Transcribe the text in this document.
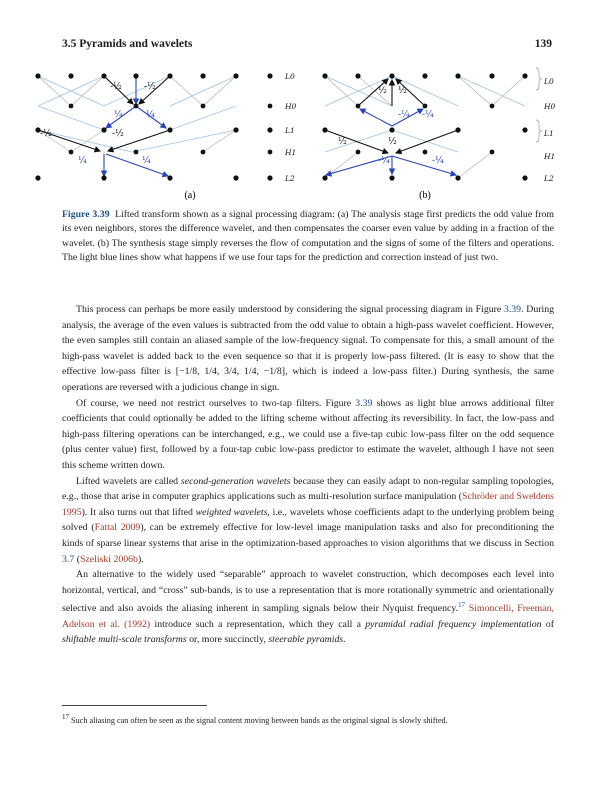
3.5 Pyramids and wavelets	139
-½ -½
¼	¼
-½	-½
¼	¼
L0
H0
L1
H1
L2
(a)
½ ½
-¼ -¼
½	½
-¼	-¼
L0
H0
L1
H1
L2
(b)
Figure 3.39 Lifted transform shown as a signal processing diagram: (a) The analysis stage first predicts the odd value from its even neighbors, stores the difference wavelet, and then compensates the coarser even value by adding in a fraction of the wavelet. (b) The synthesis stage simply reverses the flow of computation and the signs of some of the filters and operations. The light blue lines show what happens if we use four taps for the prediction and correction instead of just two.

This process can perhaps be more easily understood by considering the signal processing diagram in Figure 3.39. During analysis, the average of the even values is subtracted from the odd value to obtain a high-pass wavelet coefficient. However, the even samples still contain an aliased sample of the low-frequency signal. To compensate for this, a small amount of the high-pass wavelet is added back to the even sequence so that it is properly low-pass filtered. (It is easy to show that the effective low-pass filter is [−1/8, 1/4, 3/4, 1/4, −1/8], which is indeed a low-pass filter.) During synthesis, the same operations are reversed with a judicious change in sign.

Of course, we need not restrict ourselves to two-tap filters. Figure 3.39 shows as light blue arrows additional filter coefficients that could optionally be added to the lifting scheme without affecting its reversibility. In fact, the low-pass and high-pass filtering operations can be interchanged, e.g., we could use a five-tap cubic low-pass filter on the odd sequence (plus center value) first, followed by a four-tap cubic low-pass predictor to estimate the wavelet, although I have not seen this scheme written down.

Lifted wavelets are called second-generation wavelets because they can easily adapt to non-regular sampling topologies, e.g., those that arise in computer graphics applications such as multi-resolution surface manipulation (Schröder and Sweldens 1995). It also turns out that lifted weighted wavelets, i.e., wavelets whose coefficients adapt to the underlying problem being solved (Fattal 2009), can be extremely effective for low-level image manipulation tasks and also for preconditioning the kinds of sparse linear systems that arise in the optimization-based approaches to vision algorithms that we discuss in Section 3.7 (Szeliski 2006b).

An alternative to the widely used “separable” approach to wavelet construction, which decomposes each level into horizontal, vertical, and “cross” sub-bands, is to use a representation that is more rotationally symmetric and orientationally selective and also avoids the aliasing inherent in sampling signals below their Nyquist frequency.$^{17}$ Simoncelli, Freeman, Adelson et al. (1992) introduce such a representation, which they call a pyramidal radial frequency implementation of shiftable multi-scale transforms or, more succinctly, steerable pyramids.

$^{17}$ Such aliasing can often be seen as the signal content moving between bands as the original signal is slowly shifted.
